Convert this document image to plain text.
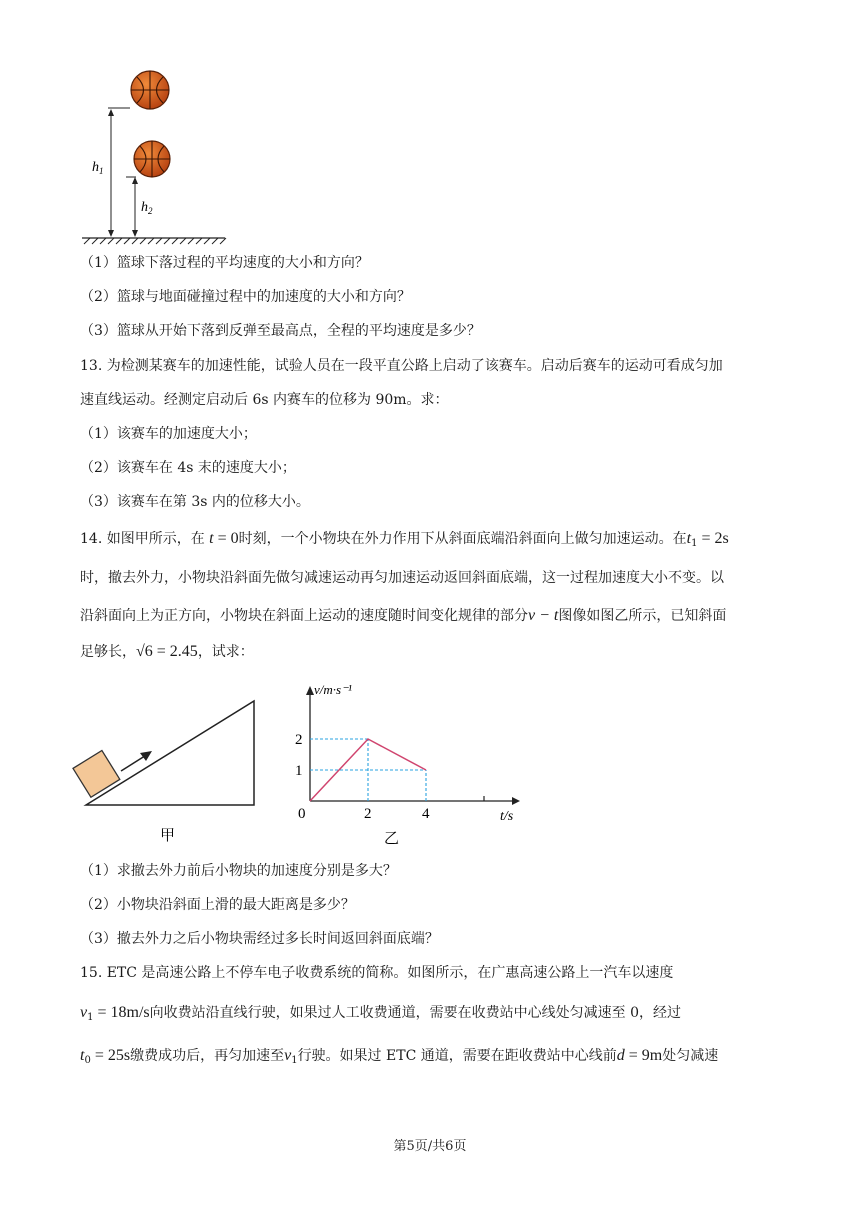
$h_1$
$h_2$
（1）篮球下落过程的平均速度的大小和方向？
（2）篮球与地面碰撞过程中的加速度的大小和方向？
（3）篮球从开始下落到反弹至最高点，全程的平均速度是多少？
13. 为检测某赛车的加速性能，试验人员在一段平直公路上启动了该赛车。启动后赛车的运动可看成匀加
速直线运动。经测定启动后 6s 内赛车的位移为 90m。求：
（1）该赛车的加速度大小；
（2）该赛车在 4s 末的速度大小；
（3）该赛车在第 3s 内的位移大小。
14. 如图甲所示，在 t = 0时刻，一个小物块在外力作用下从斜面底端沿斜面向上做匀加速运动。在$t_1 = 2s$
时，撤去外力，小物块沿斜面先做匀减速运动再匀加速运动返回斜面底端，这一过程加速度大小不变。以
沿斜面向上为正方向，小物块在斜面上运动的速度随时间变化规律的部分v − t图像如图乙所示，已知斜面
足够长，√6 = 2.45，试求：
甲
0	2	4
1
2
v/m·s⁻¹
t/s
乙
（1）求撤去外力前后小物块的加速度分别是多大？
（2）小物块沿斜面上滑的最大距离是多少？
（3）撤去外力之后小物块需经过多长时间返回斜面底端？
15. ETC 是高速公路上不停车电子收费系统的简称。如图所示，在广惠高速公路上一汽车以速度
$v_1 = 18m/s$向收费站沿直线行驶，如果过人工收费通道，需要在收费站中心线处匀减速至 0，经过
$t_0 = 25s$缴费成功后，再匀加速至$v_1$行驶。如果过 ETC 通道，需要在距收费站中心线前d = 9m处匀减速
第5页/共6页
